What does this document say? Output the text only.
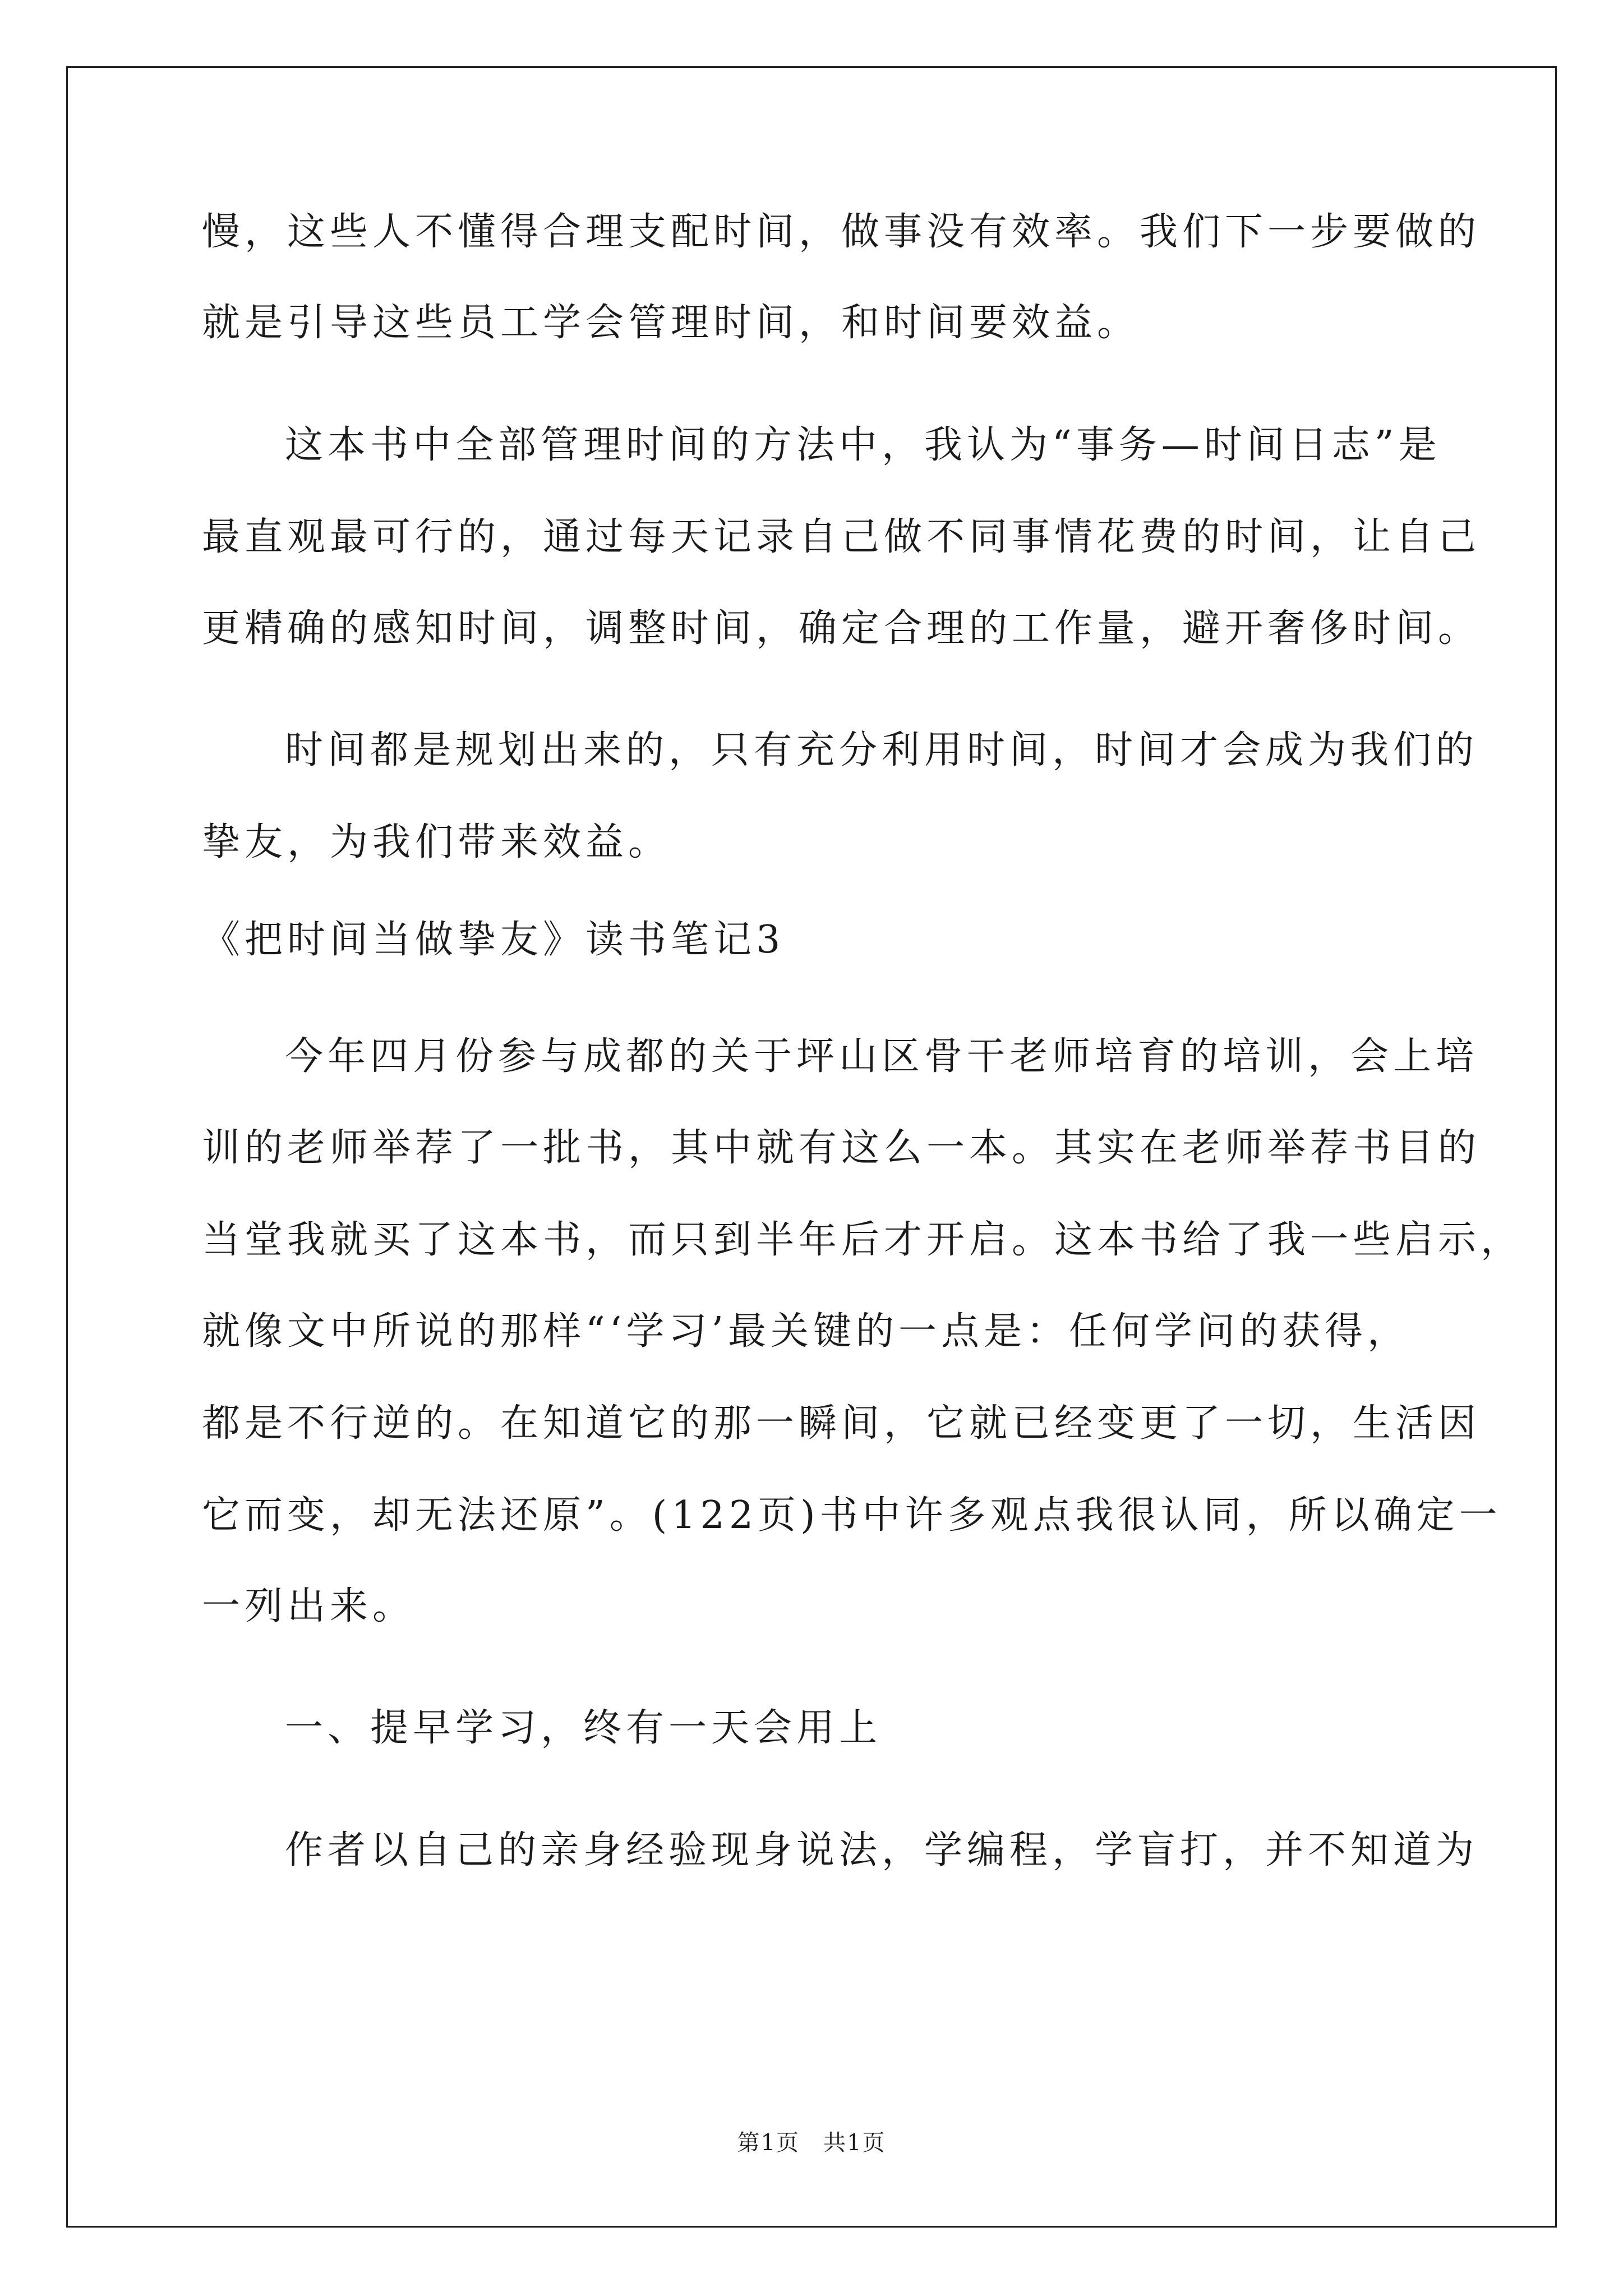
慢，这些人不懂得合理支配时间，做事没有效率。我们下一步要做的
就是引导这些员工学会管理时间，和时间要效益。
这本书中全部管理时间的方法中，我认为“事务—时间日志”是
最直观最可行的，通过每天记录自己做不同事情花费的时间，让自己
更精确的感知时间，调整时间，确定合理的工作量，避开奢侈时间。
时间都是规划出来的，只有充分利用时间，时间才会成为我们的
挚友，为我们带来效益。
《把时间当做挚友》读书笔记3
今年四月份参与成都的关于坪山区骨干老师培育的培训，会上培
训的老师举荐了一批书，其中就有这么一本。其实在老师举荐书目的
当堂我就买了这本书，而只到半年后才开启。这本书给了我一些启示，
就像文中所说的那样“‘学习’最关键的一点是：任何学问的获得，
都是不行逆的。在知道它的那一瞬间，它就已经变更了一切，生活因
它而变，却无法还原”。(122页)书中许多观点我很认同，所以确定一
一列出来。
一、提早学习，终有一天会用上
作者以自己的亲身经验现身说法，学编程，学盲打，并不知道为
第1页　共1页
